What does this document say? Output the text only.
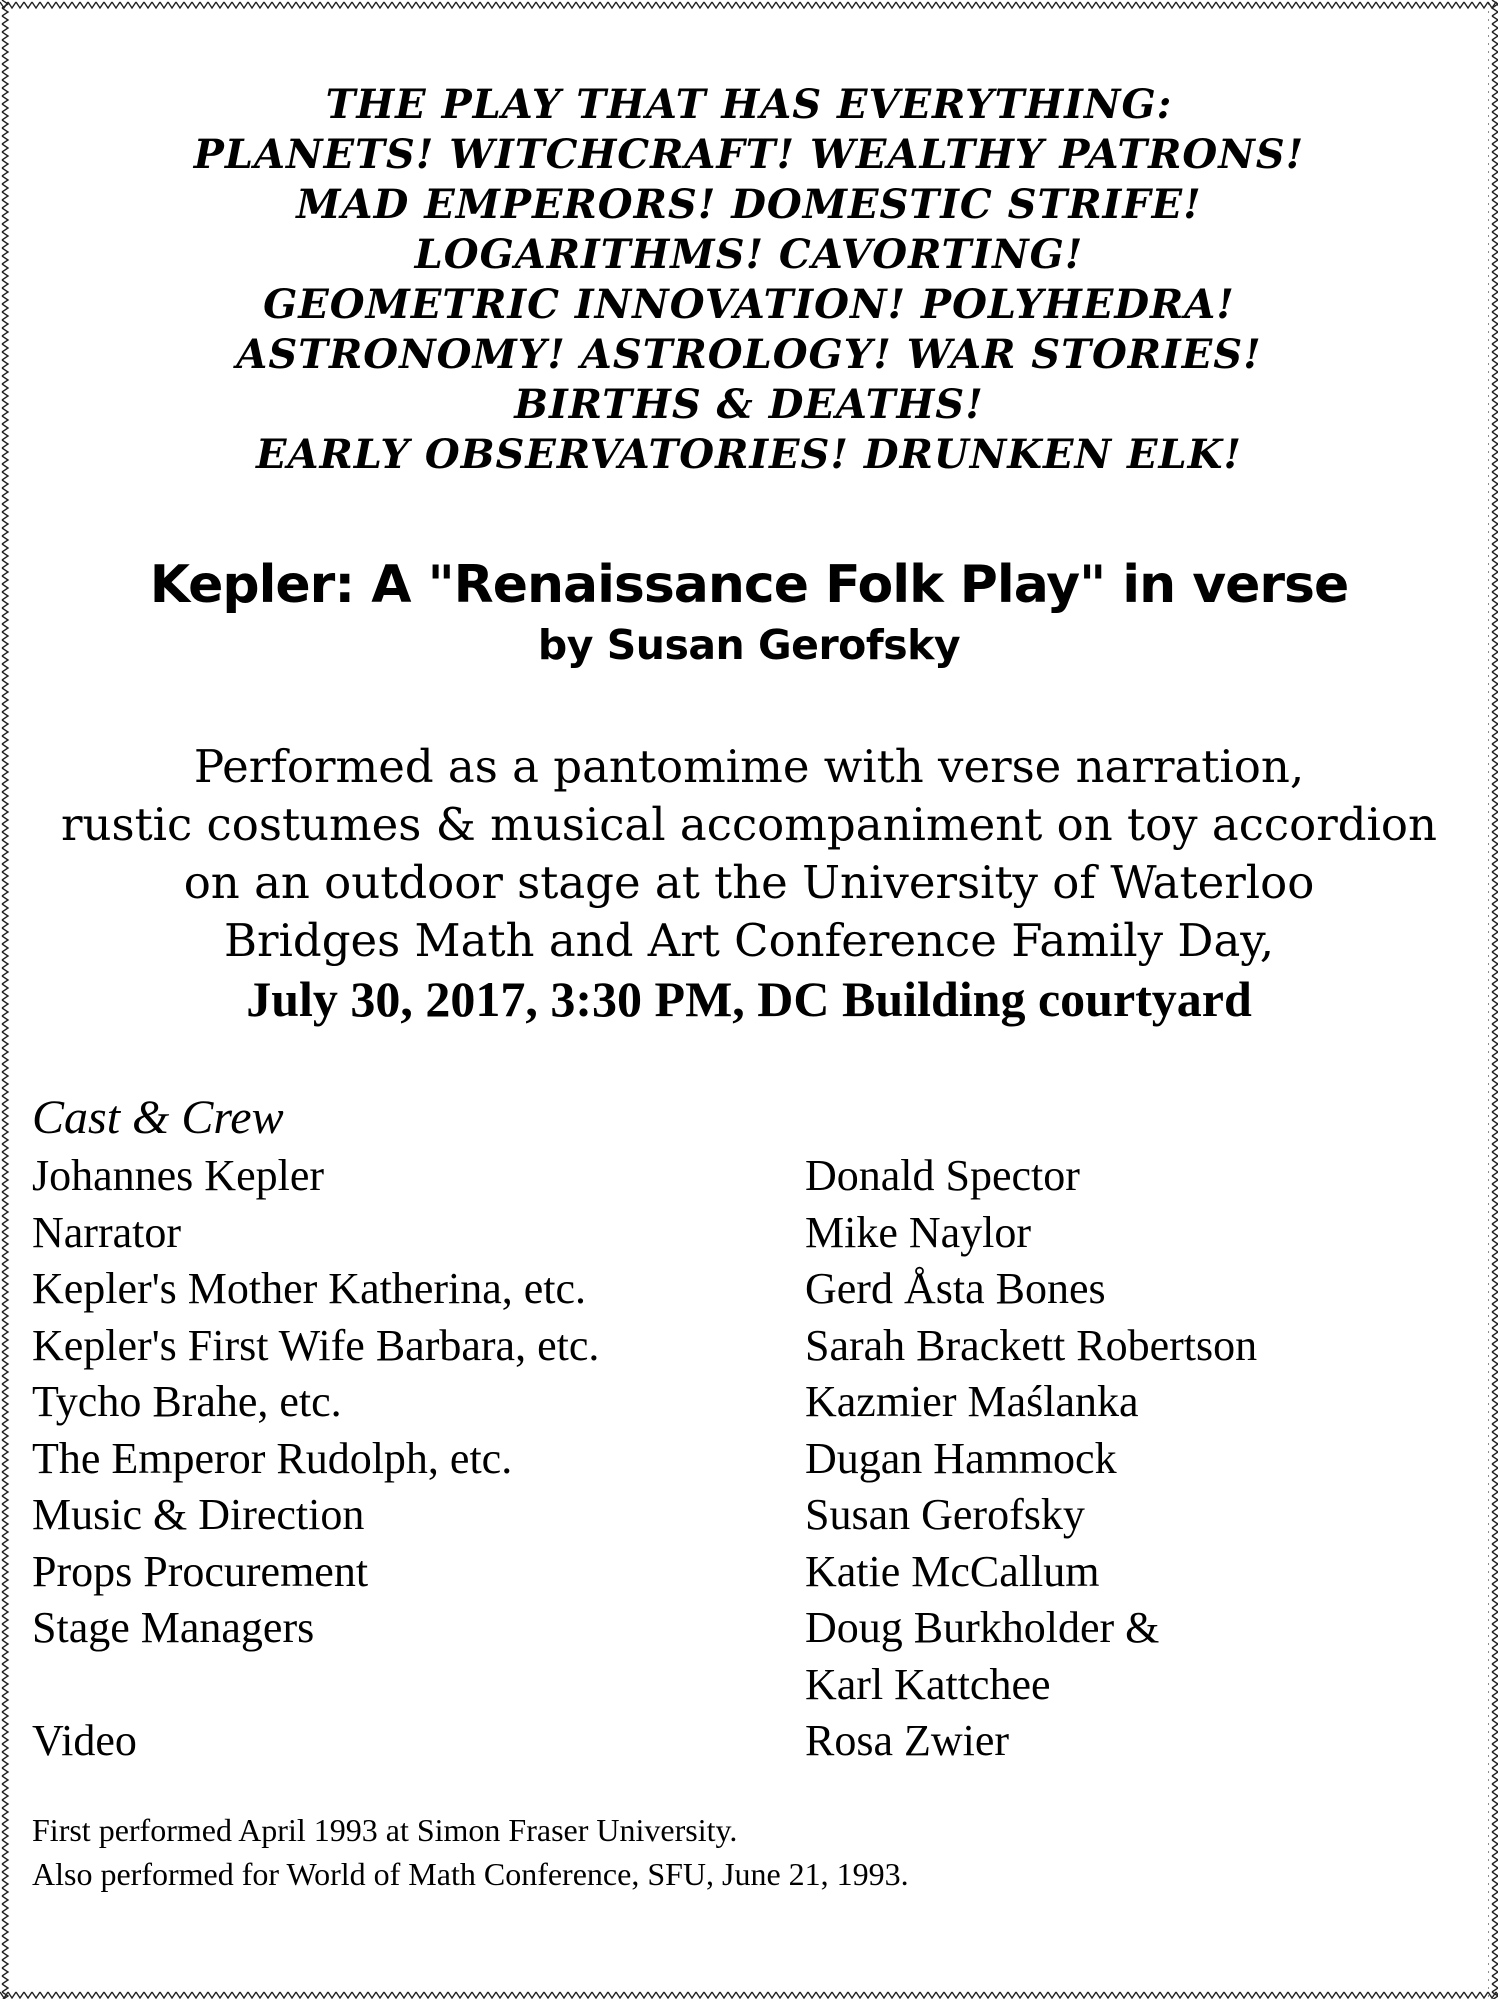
THE PLAY THAT HAS EVERYTHING:
PLANETS! WITCHCRAFT! WEALTHY PATRONS!
MAD EMPERORS! DOMESTIC STRIFE!
LOGARITHMS! CAVORTING!
GEOMETRIC INNOVATION! POLYHEDRA!
ASTRONOMY! ASTROLOGY! WAR STORIES!
BIRTHS & DEATHS!
EARLY OBSERVATORIES! DRUNKEN ELK!
Kepler: A "Renaissance Folk Play" in verse
by Susan Gerofsky
Performed as a pantomime with verse narration,
rustic costumes & musical accompaniment on toy accordion
on an outdoor stage at the University of Waterloo
Bridges Math and Art Conference Family Day,
July 30, 2017, 3:30 PM, DC Building courtyard
Cast & Crew
Johannes Kepler	Donald Spector
Narrator	Mike Naylor
Kepler's Mother Katherina, etc.	Gerd Åsta Bones
Kepler's First Wife Barbara, etc.	Sarah Brackett Robertson
Tycho Brahe, etc.	Kazmier Maślanka
The Emperor Rudolph, etc.	Dugan Hammock
Music & Direction	Susan Gerofsky
Props Procurement	Katie McCallum
Stage Managers	Doug Burkholder &
Karl Kattchee
Video	Rosa Zwier
First performed April 1993 at Simon Fraser University.
Also performed for World of Math Conference, SFU, June 21, 1993.
